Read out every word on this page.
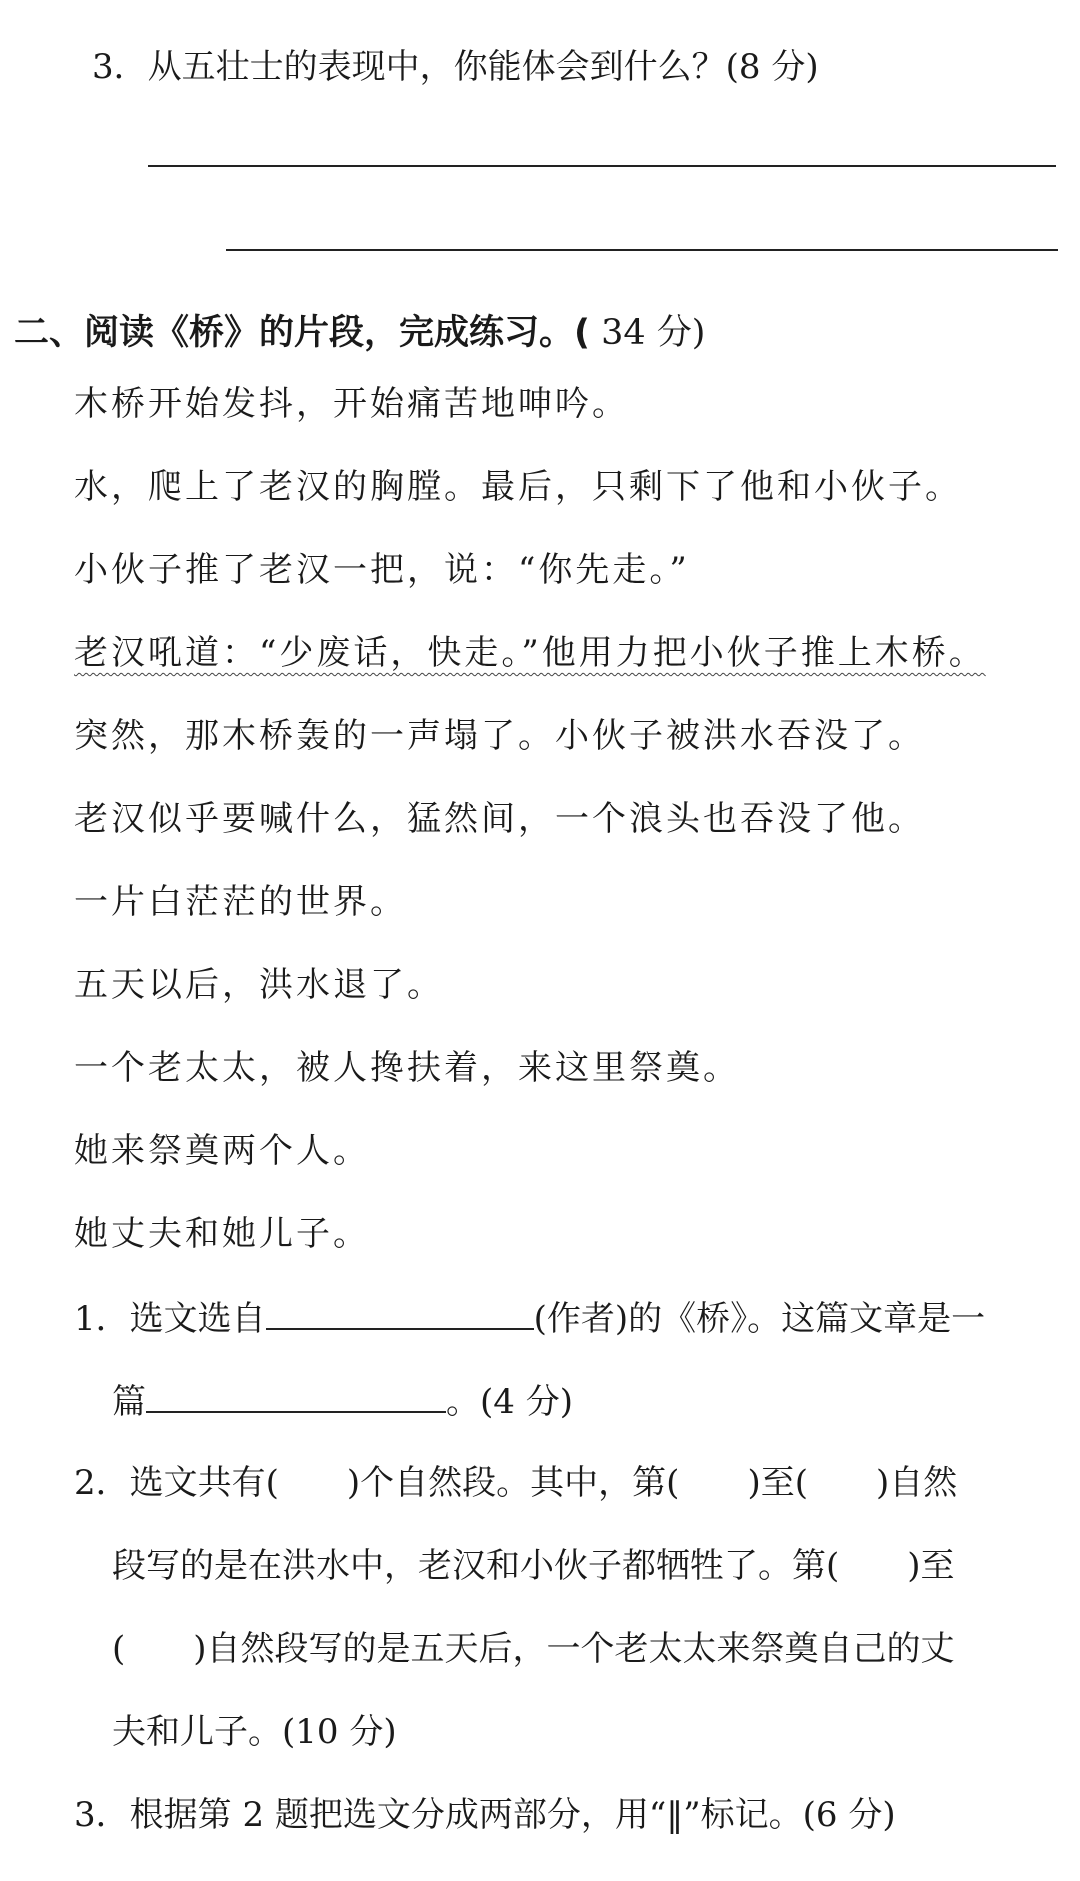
3．从五壮士的表现中，你能体会到什么？(8 分)
二、阅读《桥》的片段，完成练习。( 34 分)
木桥开始发抖，开始痛苦地呻吟。
水，爬上了老汉的胸膛。最后，只剩下了他和小伙子。
小伙子推了老汉一把，说：“你先走。”
老汉吼道：“少废话，快走。”他用力把小伙子推上木桥。
突然，那木桥轰的一声塌了。小伙子被洪水吞没了。
老汉似乎要喊什么，猛然间，一个浪头也吞没了他。
一片白茫茫的世界。
五天以后，洪水退了。
一个老太太，被人搀扶着，来这里祭奠。
她来祭奠两个人。
她丈夫和她儿子。
1．选文选自	(作者)的《桥》。这篇文章是一
篇	。(4 分)
2．选文共有( )个自然段。其中，第( )至( )自然
段写的是在洪水中，老汉和小伙子都牺牲了。第( )至
( )自然段写的是五天后，一个老太太来祭奠自己的丈
夫和儿子。(10 分)
3．根据第 2 题把选文分成两部分，用“‖”标记。(6 分)
